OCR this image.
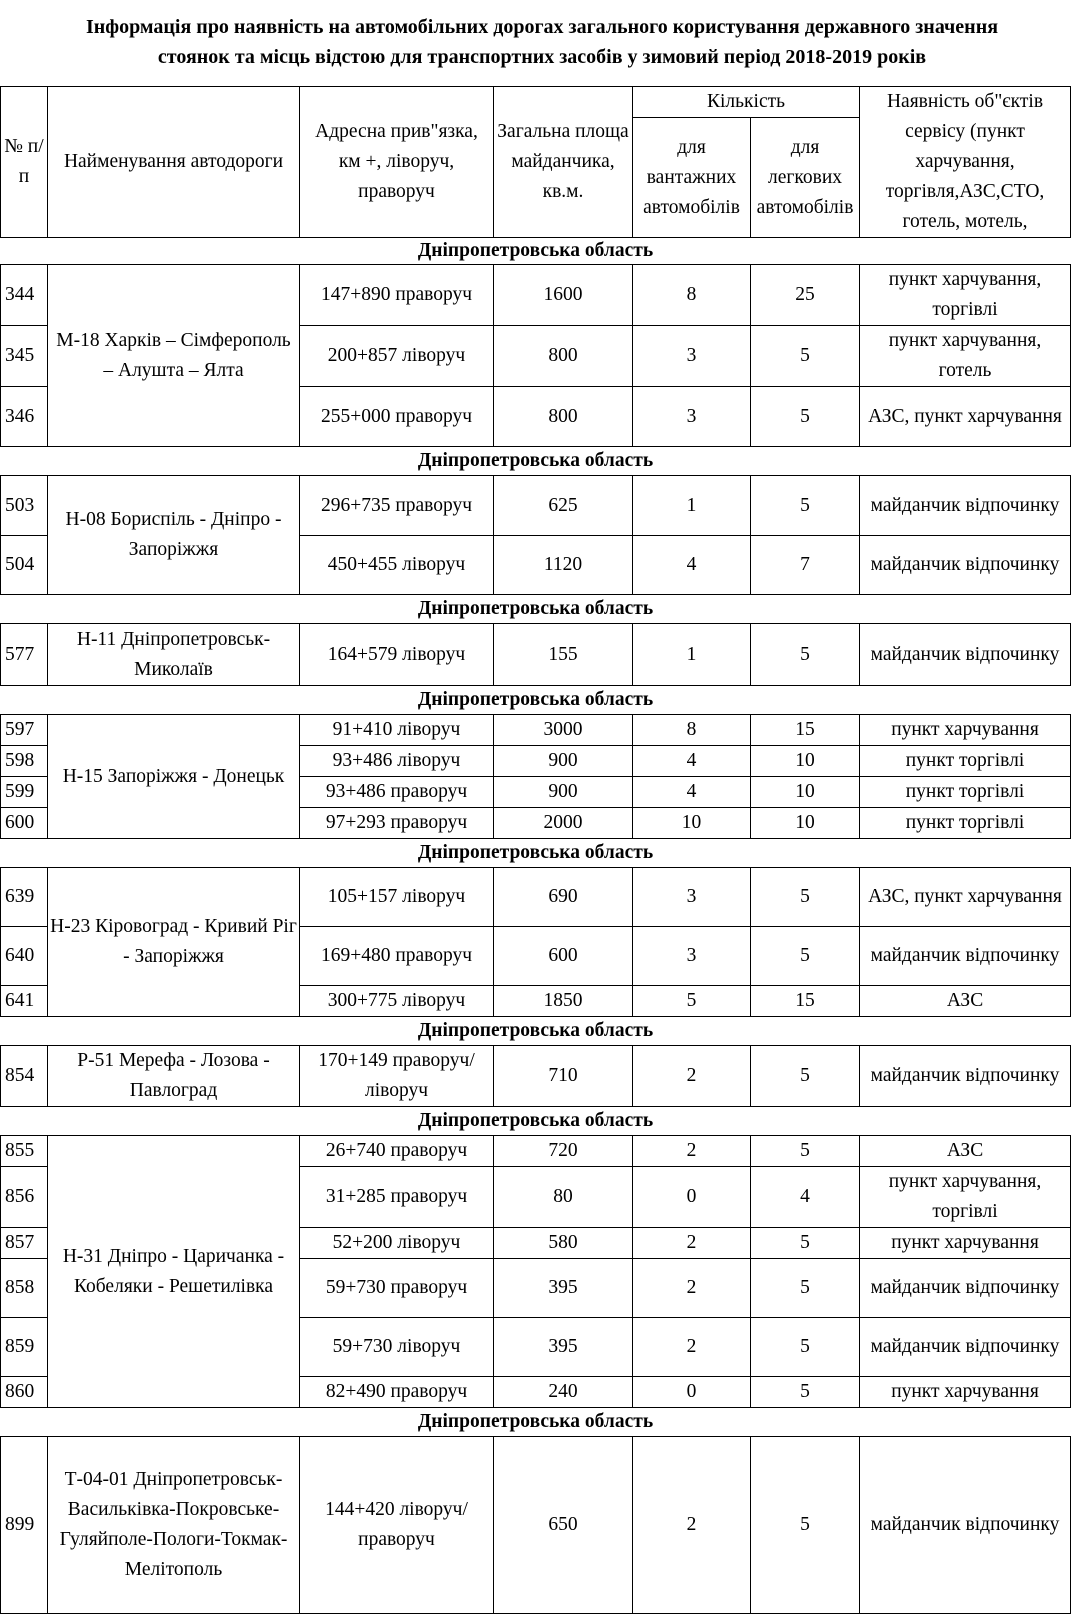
Інформація про наявність на автомобільних дорогах загального користування державного значення
стоянок та місць відстою для транспортних засобів у зимовий період 2018-2019 років
№ п/п	Найменування автодороги	Адресна прив"язка, км +, ліворуч, праворуч	Загальна площа майданчика, кв.м.	Кількість		Наявність об"єктів сервісу (пункт харчування, торгівля,АЗС,СТО, готель, мотель,
				для вантажних автомобілів	для легкових автомобілів	
Дніпропетровська область						
344	М-18 Харків – Сімферополь – Алушта – Ялта	147+890 праворуч	1600	8	25	пункт харчування, торгівлі
345		200+857 ліворуч	800	3	5	пункт харчування, готель
346		255+000 праворуч	800	3	5	АЗС, пункт харчування
Дніпропетровська область						
503	Н-08 Бориспіль - Дніпро - Запоріжжя	296+735 праворуч	625	1	5	майданчик відпочинку
504		450+455 ліворуч	1120	4	7	майданчик відпочинку
Дніпропетровська область						
577	Н-11 Дніпропетровськ-Миколаїв	164+579 ліворуч	155	1	5	майданчик відпочинку
Дніпропетровська область						
597	Н-15 Запоріжжя - Донецьк	91+410 ліворуч	3000	8	15	пункт харчування
598		93+486 ліворуч	900	4	10	пункт торгівлі
599		93+486 праворуч	900	4	10	пункт торгівлі
600		97+293 праворуч	2000	10	10	пункт торгівлі
Дніпропетровська область						
639	Н-23 Кіровоград - Кривий Ріг - Запоріжжя	105+157 ліворуч	690	3	5	АЗС, пункт харчування
640		169+480 праворуч	600	3	5	майданчик відпочинку
641		300+775 ліворуч	1850	5	15	АЗС
Дніпропетровська область						
854	Р-51 Мерефа - Лозова - Павлоград	170+149 праворуч/ліворуч	710	2	5	майданчик відпочинку
Дніпропетровська область						
855	Н-31 Дніпро - Царичанка - Кобеляки - Решетилівка	26+740 праворуч	720	2	5	АЗС
856		31+285 праворуч	80	0	4	пункт харчування, торгівлі
857		52+200 ліворуч	580	2	5	пункт харчування
858		59+730 праворуч	395	2	5	майданчик відпочинку
859		59+730 ліворуч	395	2	5	майданчик відпочинку
860		82+490 праворуч	240	0	5	пункт харчування
Дніпропетровська область						
899	Т-04-01 Дніпропетровськ-Васильківка-Покровське-Гуляйполе-Пологи-Токмак-Мелітополь	144+420 ліворуч/праворуч	650	2	5	майданчик відпочинку
